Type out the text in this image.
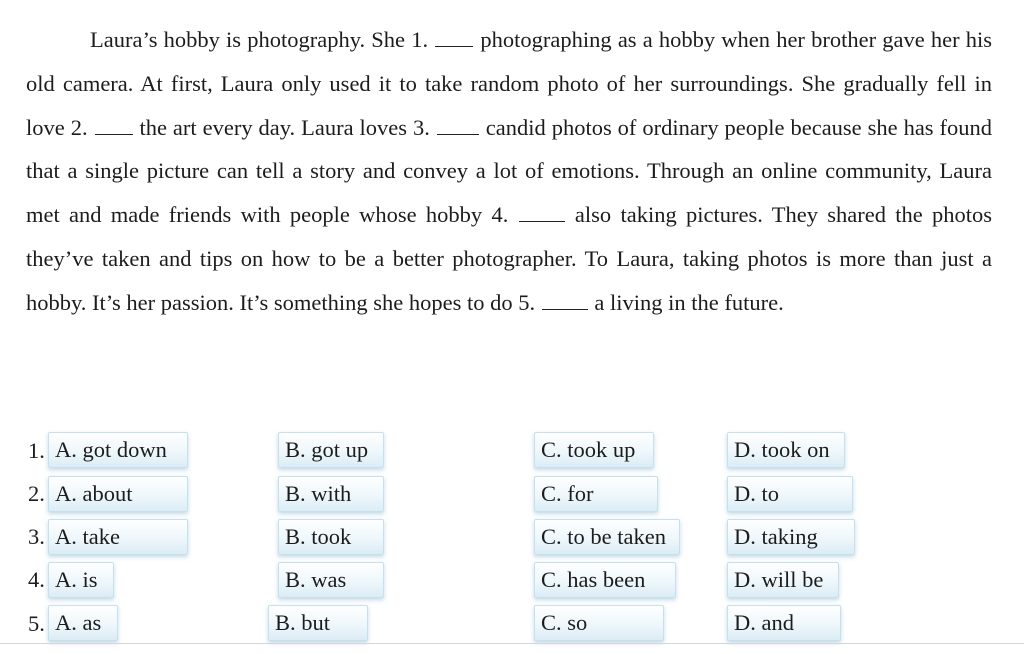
Laura’s hobby is photography. She 1. photographing as a hobby when her brother gave her his old camera. At first, Laura only used it to take random photo of her surroundings. She gradually fell in love 2. the art every day. Laura loves 3. candid photos of ordinary people because she has found that a single picture can tell a story and convey a lot of emotions. Through an online community, Laura met and made friends with people whose hobby 4.	also taking pictures. They shared the photos they’ve taken and tips on how to be a better photographer. To Laura, taking photos is more than just a hobby. It’s her passion. It’s something she hopes to do 5.	a living in the future.

1. A. got down	B. got up	C. took up	D. took on
2. A. about	B. with	C. for	D. to
3. A. take	B. took	C. to be taken	D. taking
4. A. is	B. was	C. has been	D. will be
5. A. as	B. but	C. so	D. and
